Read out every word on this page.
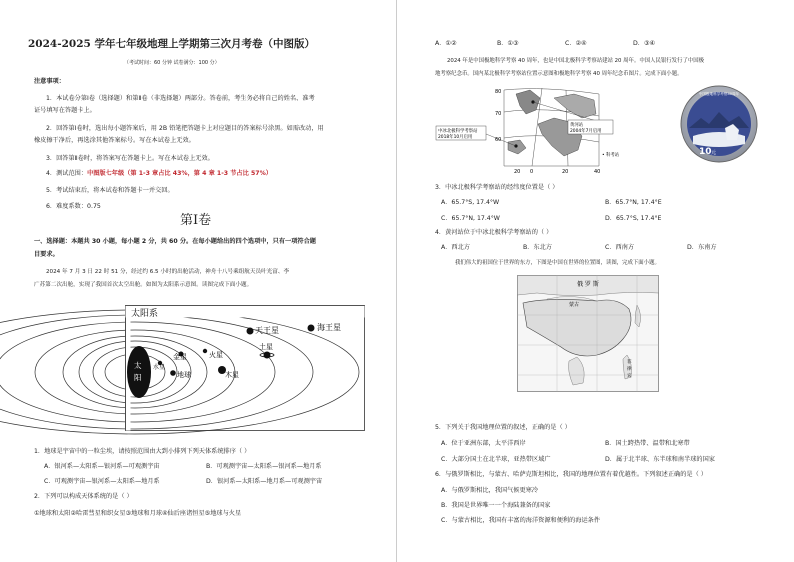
2024-2025 学年七年级地理上学期第三次月考卷（中图版）
（考试时间：60 分钟 试卷满分：100 分）
注意事项：
1．本试卷分第Ⅰ卷（选择题）和第Ⅱ卷（非选择题）两部分。答卷前，考生务必将自己的姓名、准考
证号填写在答题卡上。
2．回答第Ⅰ卷时，选出每小题答案后，用 2B 铅笔把答题卡上对应题目的答案标号涂黑。如需改动，用
橡皮擦干净后，再选涂其他答案标号。写在本试卷上无效。
3．回答第Ⅱ卷时，将答案写在答题卡上。写在本试卷上无效。
4．测试范围：中图版七年级（第 1-3 章占比 43%，第 4 章 1-3 节占比 57%）
5．考试结束后，将本试卷和答题卡一并交回。
6．难度系数：0.75
第Ⅰ卷
一、选择题：本题共 30 小题，每小题 2 分，共 60 分。在每小题给出的四个选项中，只有一项符合题
目要求。
2024 年 7 月 3 日 22 时 51 分，经过约 6.5 小时的出舱活动，神舟十八号乘组航天员叶光富、李
广苏第二次出舱，实现了我国首次太空出舱。如图为太阳系示意图。读图完成下面小题。
太阳系
太
阳
水星
金星
地球
火星
木星
土星
天王星	海王星
1．地球是宇宙中的一粒尘埃，请按照范围由大到小排列下列天体系统排序（ ）
A．银河系—太阳系—银河系—可观测宇宙	B．可观测宇宙—太阳系—银河系—地月系
C．可观测宇宙—银河系—太阳系—地月系	D．银河系—太阳系—地月系—可观测宇宙
2．下列可以构成天体系统的是（ ）
①地球和太阳②哈雷彗星和织女星③地球和月球④仙后座诸恒星⑤地球与火星
A．①②	B．①③	C．②④	D．③④
2024 年是中国极地科学考察 40 周年，也是中国北极科学考察站建站 20 周年。中国人民银行发行了中国极
地考察纪念币。国内某北极科学考察站位置示意图和极地科学考察 40 周年纪念币图片。完成下面小题。
中冰北极科学考察站
2018年10月启用
黄河站
2004年7月启用
80
70
60
20 0	20	40
• 科考站
中国极地科学考察40周年
10 元
3．中冰北极科学考察站的经纬度位置是（ ）
A．65.7°S, 17.4°W	B．65.7°N, 17.4°E
C．65.7°N, 17.4°W	D．65.7°S, 17.4°E
4．黄河站位于中冰北极科学考察站的（ ）
A．西北方	B．东北方	C．西南方	D．东南方
我们伟大的祖国位于世界的东方，下图是中国在世界的位置图，读图，完成下面小题。
俄 罗 斯
蒙古
菲
律
宾
5．下列关于我国地理位置的叙述，正确的是（ ）
A．位于亚洲东部，太平洋西岸	B．国土跨热带、温带和北寒带
C．大部分国土在北半球，亚热带区域广	D．属于北半球、东半球和南半球的国家
6．与俄罗斯相比，与蒙古、哈萨克斯坦相比，我国的地理位置有着优越性。下列叙述正确的是（ ）
A．与俄罗斯相比，我国气候更寒冷
B．我国是世界唯一一个海陆兼备的国家
C．与蒙古相比，我国有丰富的海洋资源和便利的海运条件
